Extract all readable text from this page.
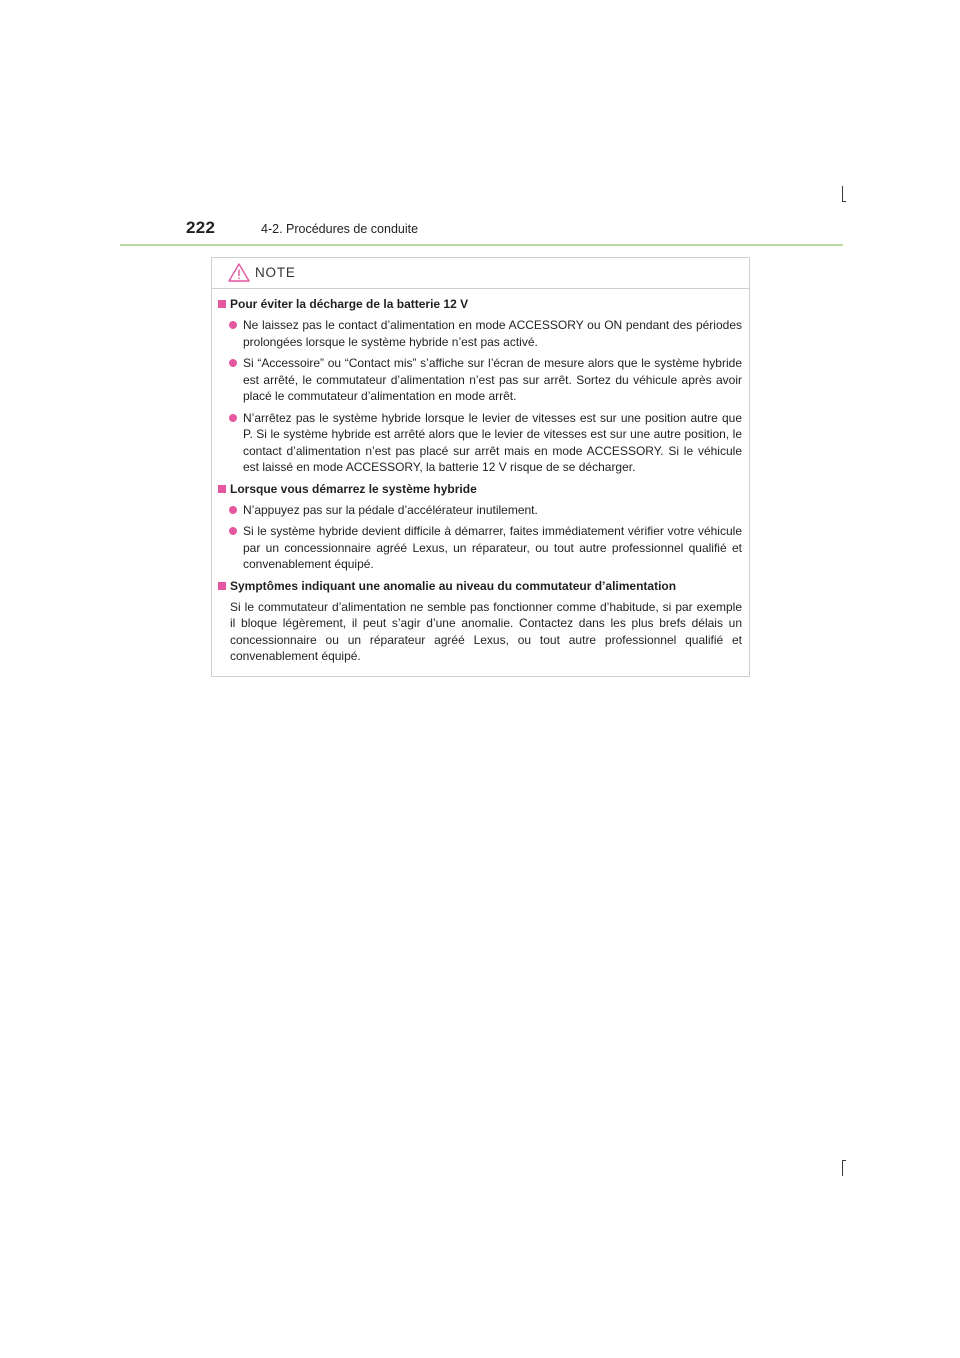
222	4-2. Procédures de conduite
NOTE
Pour éviter la décharge de la batterie 12 V
Ne laissez pas le contact d’alimentation en mode ACCESSORY ou ON pendant des périodes prolongées lorsque le système hybride n’est pas activé.
Si “Accessoire” ou “Contact mis” s’affiche sur l’écran de mesure alors que le système hybride est arrêté, le commutateur d’alimentation n’est pas sur arrêt. Sortez du véhicule après avoir placé le commutateur d’alimentation en mode arrêt.
N’arrêtez pas le système hybride lorsque le levier de vitesses est sur une position autre que P. Si le système hybride est arrêté alors que le levier de vitesses est sur une autre position, le contact d’alimentation n’est pas placé sur arrêt mais en mode ACCESSORY. Si le véhicule est laissé en mode ACCESSORY, la batterie 12 V risque de se décharger.
Lorsque vous démarrez le système hybride
N’appuyez pas sur la pédale d’accélérateur inutilement.
Si le système hybride devient difficile à démarrer, faites immédiatement vérifier votre véhicule par un concessionnaire agréé Lexus, un réparateur, ou tout autre professionnel qualifié et convenablement équipé.
Symptômes indiquant une anomalie au niveau du commutateur d’alimentation
Si le commutateur d’alimentation ne semble pas fonctionner comme d’habitude, si par exemple il bloque légèrement, il peut s’agir d’une anomalie. Contactez dans les plus brefs délais un concessionnaire ou un réparateur agréé Lexus, ou tout autre professionnel qualifié et convenablement équipé.
